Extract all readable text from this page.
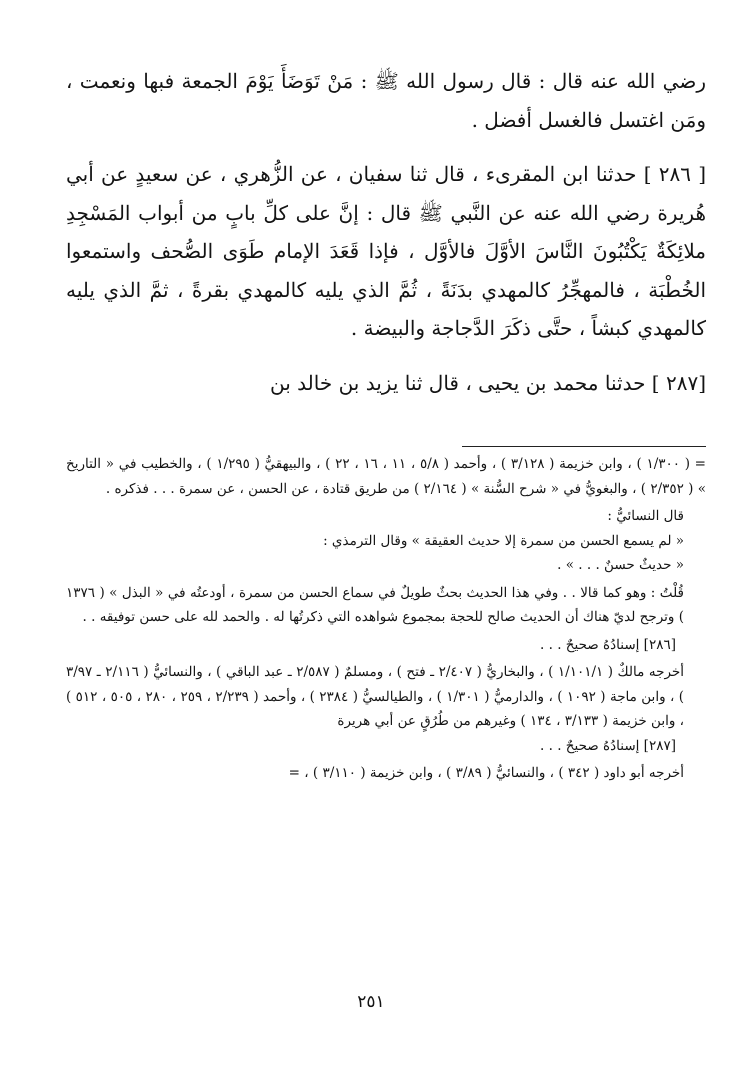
رضي الله عنه قال : قال رسول الله ﷺ : مَنْ تَوَضَأَ يَوْمَ الجمعة فبها ونعمت ، ومَن اغتسل فالغسل أفضل .

[ ٢٨٦ ] حدثنا ابن المقرىء ، قال ثنا سفيان ، عن الزُّهري ، عن سعيدٍ عن أبي هُريرة رضي الله عنه عن النَّبي ﷺ قال : إنَّ على كلِّ بابٍ من أبواب المَسْجِدِ ملائِكَةٌ يَكْتُبُونَ النَّاسَ الأوَّلَ فالأوَّل ، فإذا قَعَدَ الإمام طَوَى الصُّحف واستمعوا الخُطْبَة ، فالمهجِّرُ كالمهدي بدَنَةً ، ثُمَّ الذي يليه كالمهدي بقرةً ، ثمَّ الذي يليه كالمهدي كبشاً ، حتَّى ذكَرَ الدَّجاجة والبيضة .

[٢٨٧ ] حدثنا محمد بن يحيى ، قال ثنا يزيد بن خالد بن

= ( ١/٣٠٠ ) ، وابن خزيمة ( ٣/١٢٨ ) ، وأحمد ( ٥/٨ ، ١١ ، ١٦ ، ٢٢ ) ، والبيهقيُّ ( ١/٢٩٥ ) ، والخطيب في « التاريخ » ( ٢/٣٥٢ ) ، والبغويُّ في « شرح السُّنة » ( ٢/١٦٤ ) من طريق قتادة ، عن الحسن ، عن سمرة . . . فذكره .

قال النسائيُّ :

« لم يسمع الحسن من سمرة إلا حديث العقيقة » وقال الترمذي :

« حديثٌ حسنٌ . . . » .

قُلْتُ : وهو كما قالا . . وفي هذا الحديث بحثٌ طويلٌ في سماع الحسن من سمرة ، أودعتُه في « البذل » ( ١٣٧٦ ) وترجح لديّ هناك أن الحديث صالح للحجة بمجموع شواهده التي ذكرتُها له . والحمد لله على حسن توفيقه . .

[٢٨٦] إسنادُهُ صحيحٌ . . .

أخرجه مالكٌ ( ١/١٠١/١ ) ، والبخاريُّ ( ٢/٤٠٧ ـ فتح ) ، ومسلمٌ ( ٢/٥٨٧ ـ عبد الباقي ) ، والنسائيُّ ( ٢/١١٦ ـ ٣/٩٧ ) ، وابن ماجة ( ١٠٩٢ ) ، والدارميُّ ( ١/٣٠١ ) ، والطيالسيُّ ( ٢٣٨٤ ) ، وأحمد ( ٢/٢٣٩ ، ٢٥٩ ، ٢٨٠ ، ٥٠٥ ، ٥١٢ ) ، وابن خزيمة ( ٣/١٣٣ ، ١٣٤ ) وغيرهم من طُرُقٍ عن أبي هريرة

[٢٨٧] إسنادُهُ صحيحٌ . . .

أخرجه أبو داود ( ٣٤٢ ) ، والنسائيُّ ( ٣/٨٩ ) ، وابن خزيمة ( ٣/١١٠ ) ، =

٢٥١
